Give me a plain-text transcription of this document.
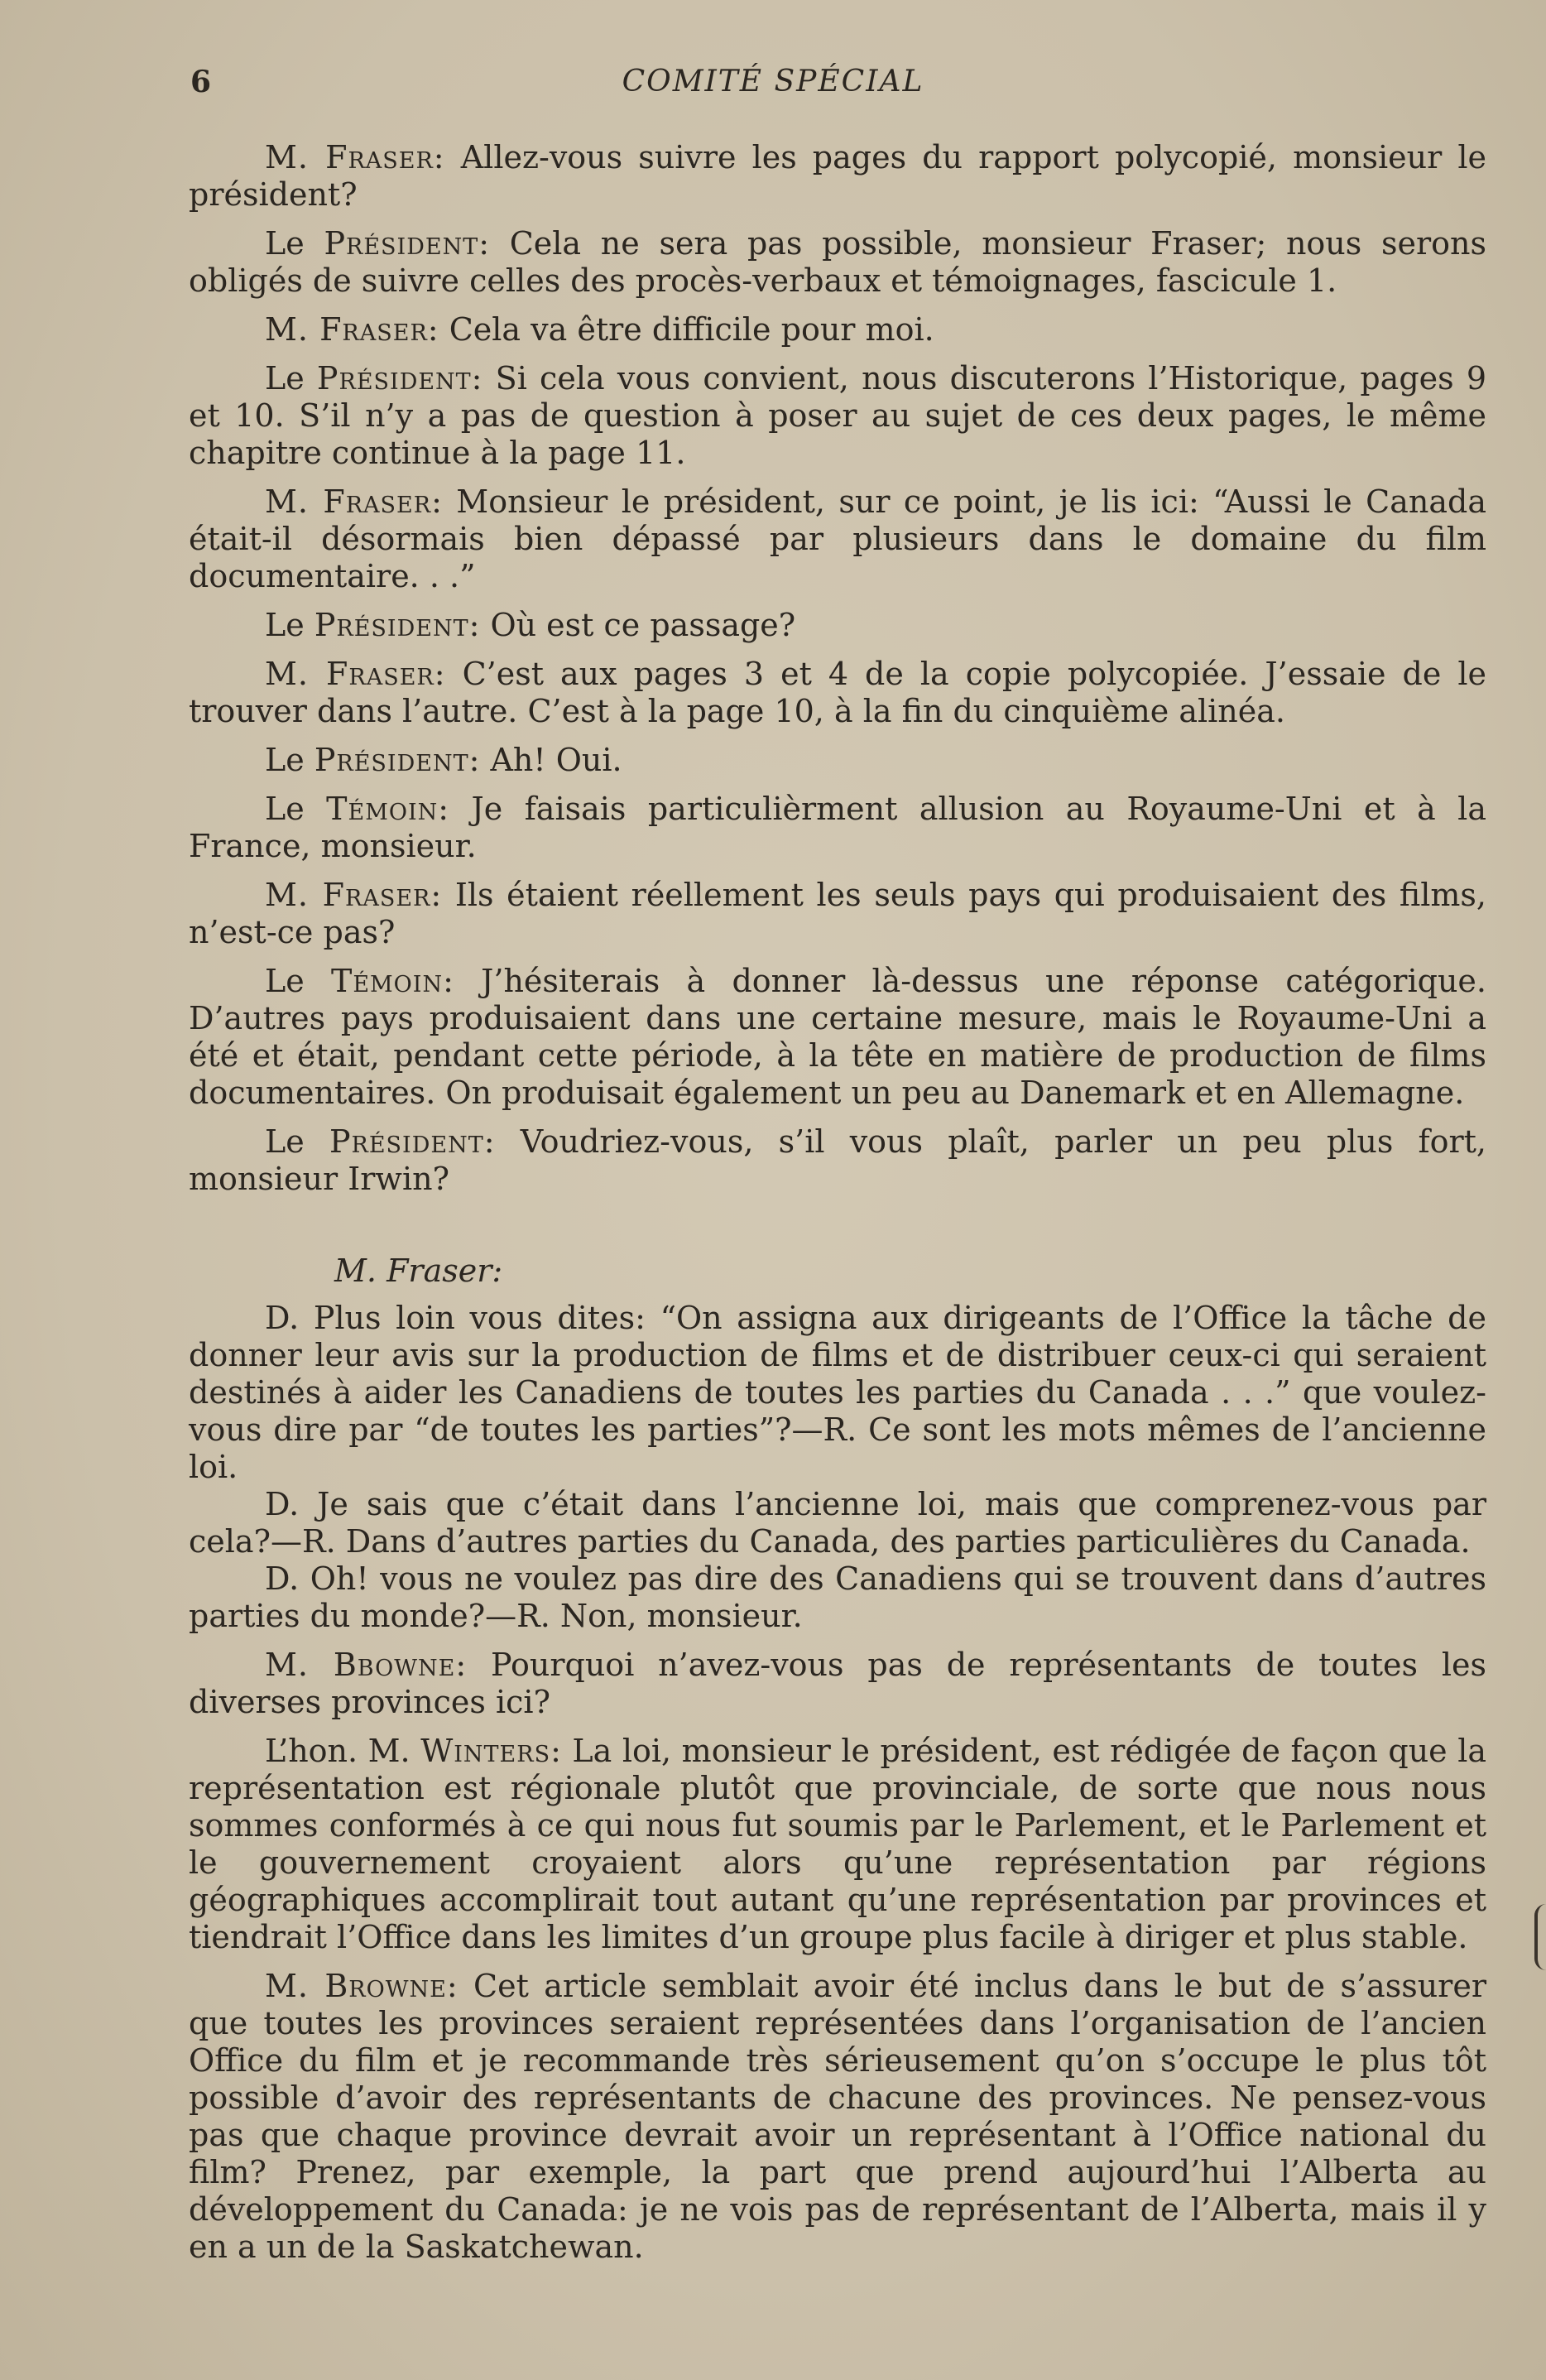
6	COMITÉ SPÉCIAL

M. Fraser: Allez-vous suivre les pages du rapport polycopié, monsieur le président?

Le Président: Cela ne sera pas possible, monsieur Fraser; nous serons obligés de suivre celles des procès-verbaux et témoignages, fascicule 1.

M. Fraser: Cela va être difficile pour moi.

Le Président: Si cela vous convient, nous discuterons l’Historique, pages 9 et 10. S’il n’y a pas de question à poser au sujet de ces deux pages, le même chapitre continue à la page 11.

M. Fraser: Monsieur le président, sur ce point, je lis ici: “Aussi le Canada était-il désormais bien dépassé par plusieurs dans le domaine du film documentaire. . .”

Le Président: Où est ce passage?

M. Fraser: C’est aux pages 3 et 4 de la copie polycopiée. J’essaie de le trouver dans l’autre. C’est à la page 10, à la fin du cinquième alinéa.

Le Président: Ah! Oui.

Le Témoin: Je faisais particulièrment allusion au Royaume-Uni et à la France, monsieur.

M. Fraser: Ils étaient réellement les seuls pays qui produisaient des films, n’est-ce pas?

Le Témoin: J’hésiterais à donner là-dessus une réponse catégorique. D’autres pays produisaient dans une certaine mesure, mais le Royaume-Uni a été et était, pendant cette période, à la tête en matière de production de films documentaires. On produisait également un peu au Danemark et en Allemagne.

Le Président: Voudriez-vous, s’il vous plaît, parler un peu plus fort, monsieur Irwin?

M. Fraser:

D. Plus loin vous dites: “On assigna aux dirigeants de l’Office la tâche de donner leur avis sur la production de films et de distribuer ceux-ci qui seraient destinés à aider les Canadiens de toutes les parties du Canada . . .” que voulez-vous dire par “de toutes les parties”?—R. Ce sont les mots mêmes de l’ancienne loi.

D. Je sais que c’était dans l’ancienne loi, mais que comprenez-vous par cela?—R. Dans d’autres parties du Canada, des parties particulières du Canada.

D. Oh! vous ne voulez pas dire des Canadiens qui se trouvent dans d’autres parties du monde?—R. Non, monsieur.

M. Bbowne: Pourquoi n’avez-vous pas de représentants de toutes les diverses provinces ici?

L’hon. M. Winters: La loi, monsieur le président, est rédigée de façon que la représentation est régionale plutôt que provinciale, de sorte que nous nous sommes conformés à ce qui nous fut soumis par le Parlement, et le Parlement et le gouvernement croyaient alors qu’une représentation par régions géographiques accomplirait tout autant qu’une représentation par provinces et tiendrait l’Office dans les limites d’un groupe plus facile à diriger et plus stable.

M. Browne: Cet article semblait avoir été inclus dans le but de s’assurer que toutes les provinces seraient représentées dans l’organisation de l’ancien Office du film et je recommande très sérieusement qu’on s’occupe le plus tôt possible d’avoir des représentants de chacune des provinces. Ne pensez-vous pas que chaque province devrait avoir un représentant à l’Office national du film? Prenez, par exemple, la part que prend aujourd’hui l’Alberta au développement du Canada: je ne vois pas de représentant de l’Alberta, mais il y en a un de la Saskatchewan.
